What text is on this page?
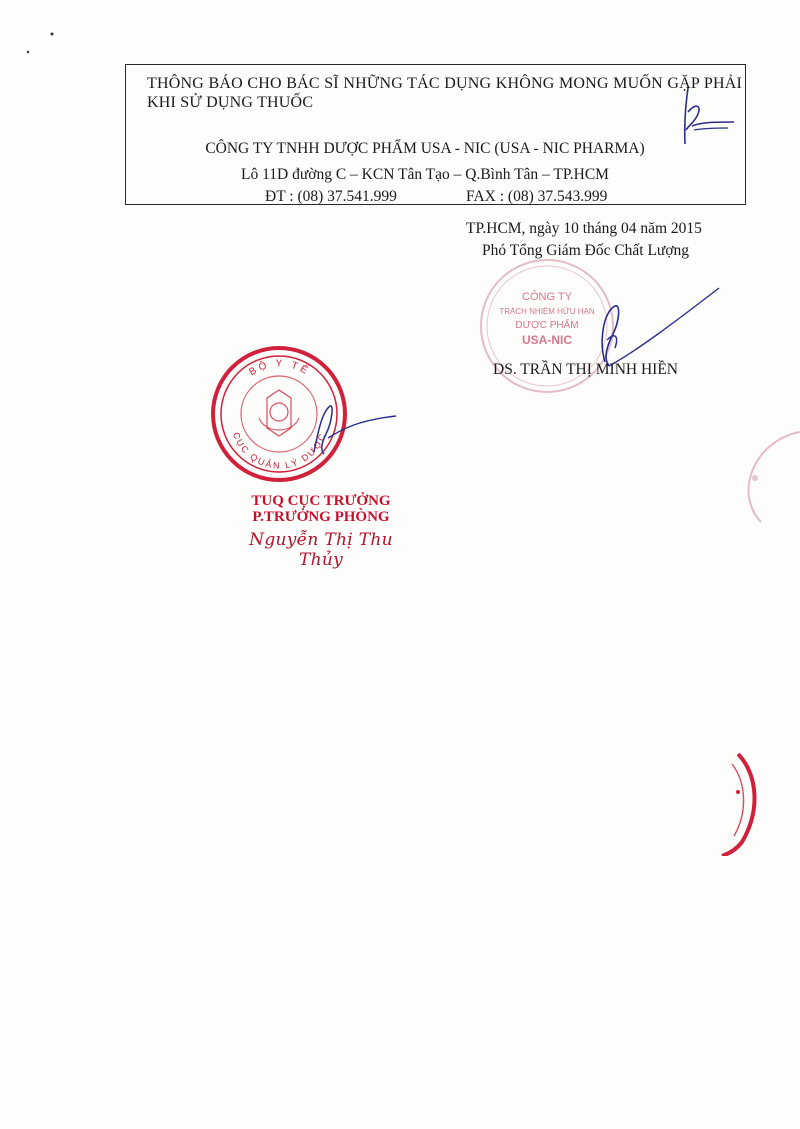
THÔNG BÁO CHO BÁC SĨ NHỮNG TÁC DỤNG KHÔNG MONG MUỐN GẶP PHẢI KHI SỬ DỤNG THUỐC
CÔNG TY TNHH DƯỢC PHẨM USA - NIC (USA - NIC PHARMA)
Lô 11D đường C – KCN Tân Tạo – Q.Bình Tân – TP.HCM
ĐT : (08) 37.541.999	FAX : (08) 37.543.999
TP.HCM, ngày 10 tháng 04 năm 2015
Phó Tổng Giám Đốc Chất Lượng
CÔNG TY
TRÁCH NHIỆM HỮU HẠN
DƯỢC PHẨM
USA-NIC
DS. TRẦN THỊ MINH HIỀN
BỘ Y TẾ
CỤC QUẢN LÝ DƯỢC
TUQ CỤC TRƯỞNG
P.TRƯỞNG PHÒNG
Nguyễn Thị Thu Thủy
